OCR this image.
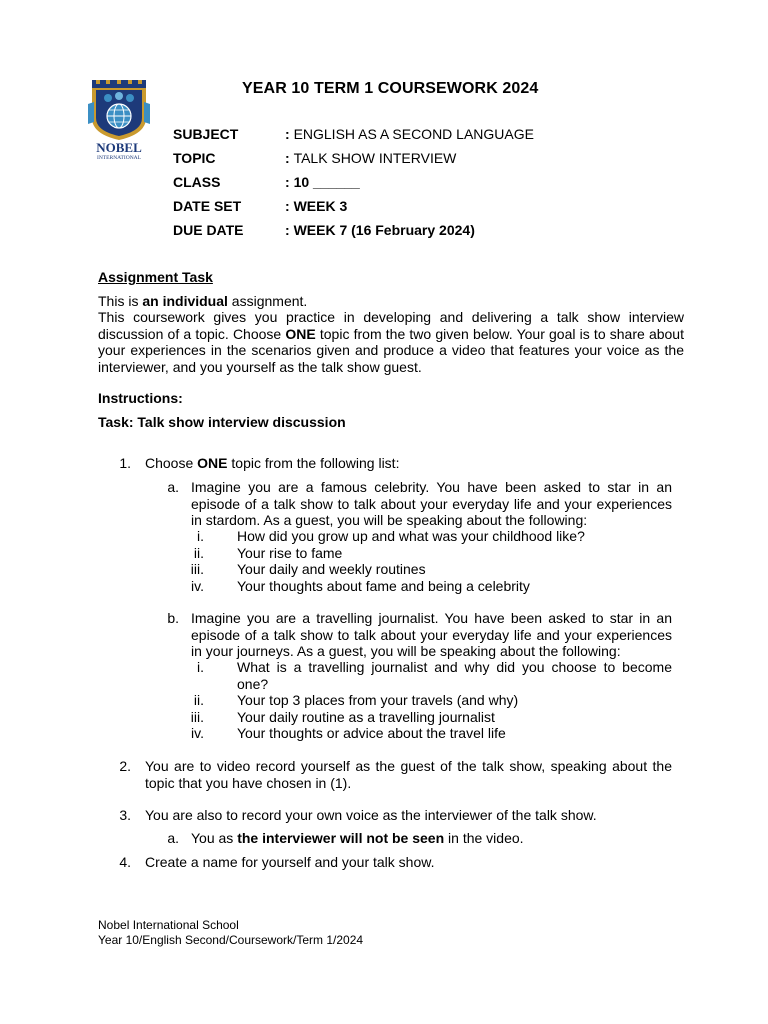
NOBEL
INTERNATIONAL
YEAR 10 TERM 1 COURSEWORK 2024
SUBJECT	: ENGLISH AS A SECOND LANGUAGE
TOPIC	: TALK SHOW INTERVIEW
CLASS	: 10 ______
DATE SET	: WEEK 3
DUE DATE	: WEEK 7 (16 February 2024)
Assignment Task
This is an individual assignment.
This coursework gives you practice in developing and delivering a talk show interview discussion of a topic. Choose ONE topic from the two given below. Your goal is to share about your experiences in the scenarios given and produce a video that features your voice as the interviewer, and you yourself as the talk show guest.
Instructions:
Task: Talk show interview discussion
1. Choose ONE topic from the following list:
a. Imagine you are a famous celebrity. You have been asked to star in an episode of a talk show to talk about your everyday life and your experiences in stardom. As a guest, you will be speaking about the following:
i. How did you grow up and what was your childhood like?
ii. Your rise to fame
iii. Your daily and weekly routines
iv. Your thoughts about fame and being a celebrity
b. Imagine you are a travelling journalist. You have been asked to star in an episode of a talk show to talk about your everyday life and your experiences in your journeys. As a guest, you will be speaking about the following:
i. What is a travelling journalist and why did you choose to become one?
ii. Your top 3 places from your travels (and why)
iii. Your daily routine as a travelling journalist
iv. Your thoughts or advice about the travel life
2. You are to video record yourself as the guest of the talk show, speaking about the topic that you have chosen in (1).
3. You are also to record your own voice as the interviewer of the talk show.
a. You as the interviewer will not be seen in the video.
4. Create a name for yourself and your talk show.
Nobel International School
Year 10/English Second/Coursework/Term 1/2024
